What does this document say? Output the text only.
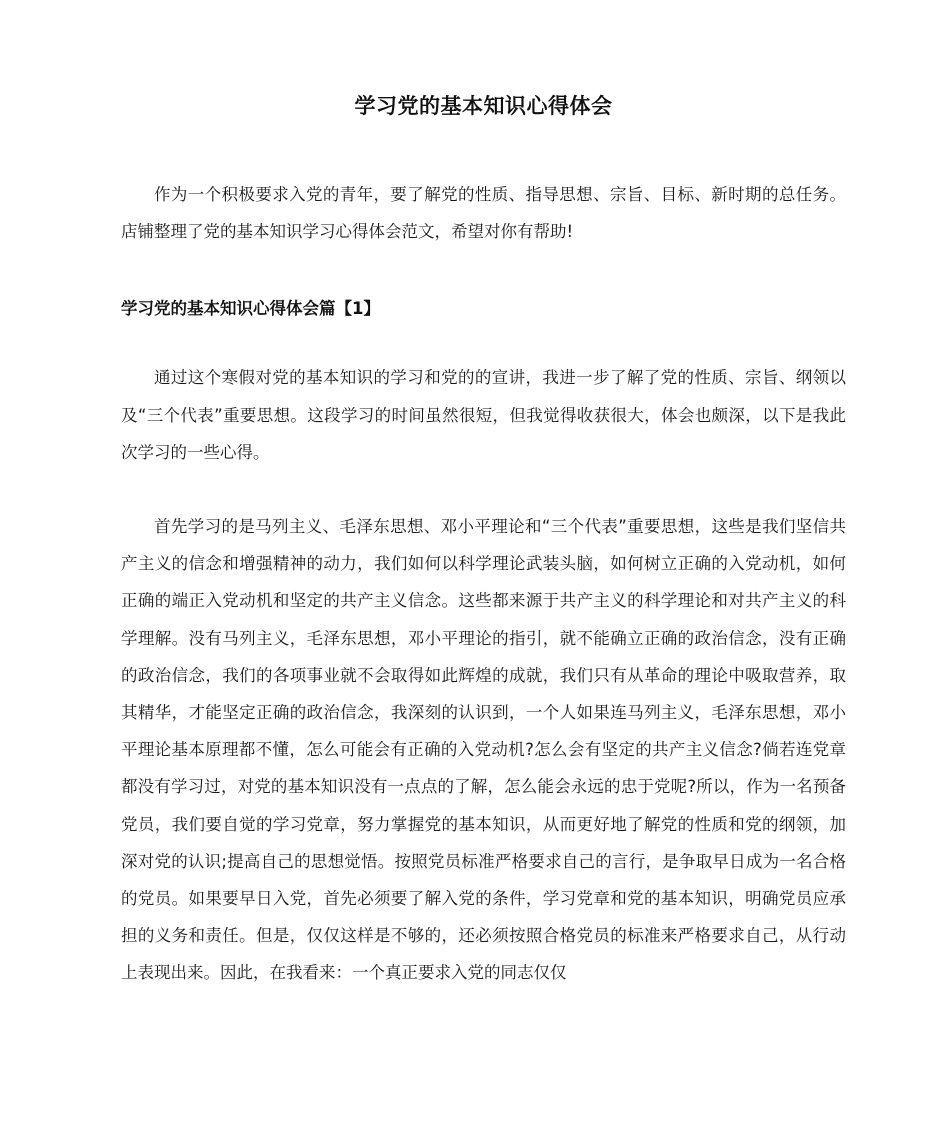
学习党的基本知识心得体会

作为一个积极要求入党的青年，要了解党的性质、指导思想、宗旨、目标、新时期的总任务。店铺整理了党的基本知识学习心得体会范文，希望对你有帮助!

学习党的基本知识心得体会篇【1】

通过这个寒假对党的基本知识的学习和党的的宣讲，我进一步了解了党的性质、宗旨、纲领以及“三个代表”重要思想。这段学习的时间虽然很短，但我觉得收获很大，体会也颇深，以下是我此次学习的一些心得。

首先学习的是马列主义、毛泽东思想、邓小平理论和“三个代表”重要思想，这些是我们坚信共产主义的信念和增强精神的动力，我们如何以科学理论武装头脑，如何树立正确的入党动机，如何正确的端正入党动机和坚定的共产主义信念。这些都来源于共产主义的科学理论和对共产主义的科学理解。没有马列主义，毛泽东思想，邓小平理论的指引，就不能确立正确的政治信念，没有正确的政治信念，我们的各项事业就不会取得如此辉煌的成就，我们只有从革命的理论中吸取营养，取其精华，才能坚定正确的政治信念，我深刻的认识到，一个人如果连马列主义，毛泽东思想，邓小平理论基本原理都不懂，怎么可能会有正确的入党动机?怎么会有坚定的共产主义信念?倘若连党章都没有学习过，对党的基本知识没有一点点的了解，怎么能会永远的忠于党呢?所以，作为一名预备党员，我们要自觉的学习党章，努力掌握党的基本知识，从而更好地了解党的性质和党的纲领，加深对党的认识;提高自己的思想觉悟。按照党员标准严格要求自己的言行，是争取早日成为一名合格的党员。如果要早日入党，首先必须要了解入党的条件，学习党章和党的基本知识，明确党员应承担的义务和责任。但是，仅仅这样是不够的，还必须按照合格党员的标准来严格要求自己，从行动上表现出来。因此，在我看来：一个真正要求入党的同志仅仅
